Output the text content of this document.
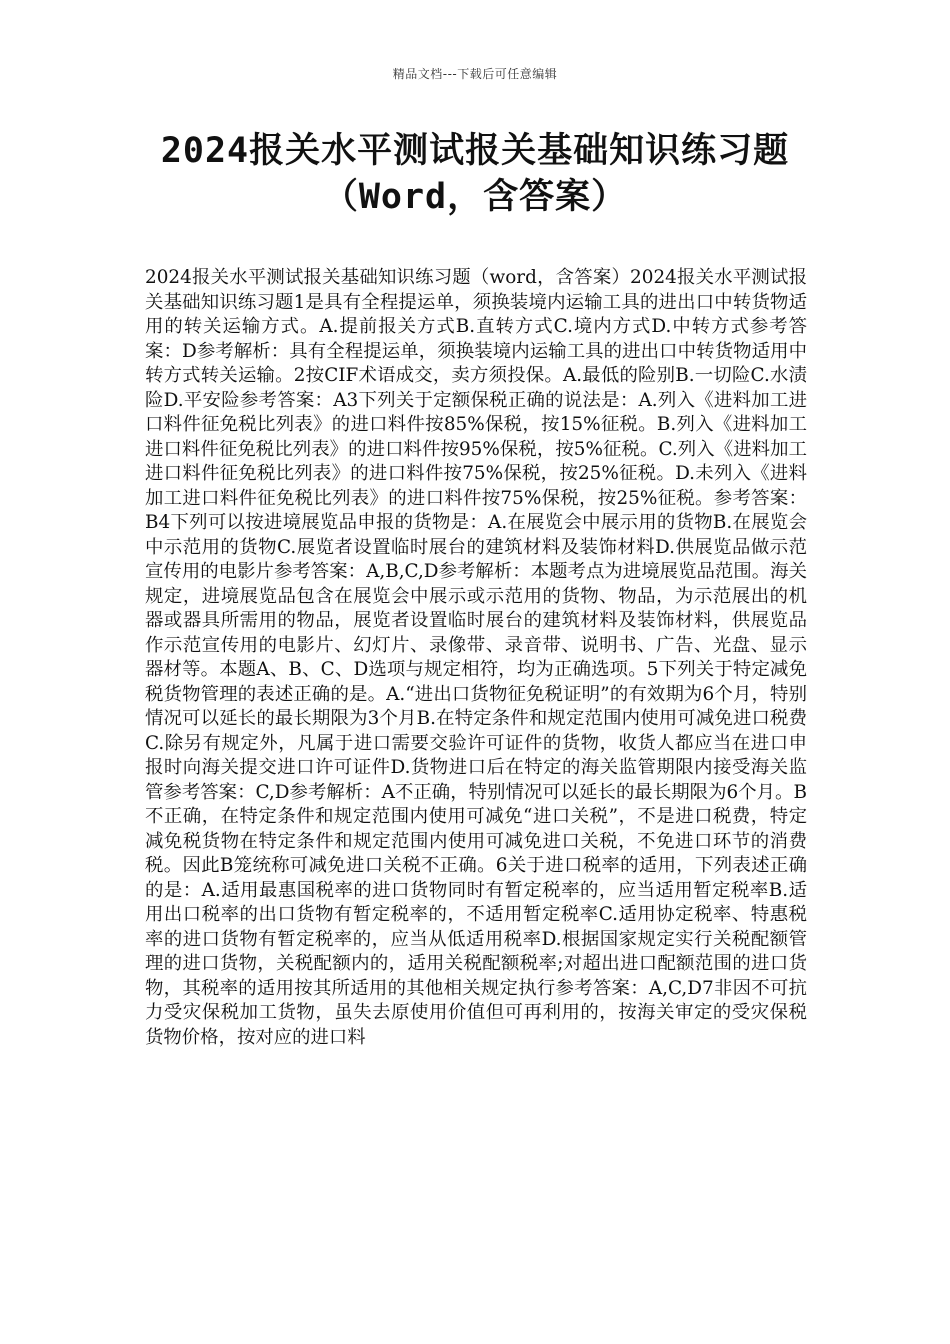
精品文档---下载后可任意编辑
2024报关水平测试报关基础知识练习题
（Word，含答案）
2024报关水平测试报关基础知识练习题（word，含答案）2024报关水平测试报关基础知识练习题1是具有全程提运单，须换装境内运输工具的进出口中转货物适用的转关运输方式。A.提前报关方式B.直转方式C.境内方式D.中转方式参考答案：D参考解析：具有全程提运单，须换装境内运输工具的进出口中转货物适用中转方式转关运输。2按CIF术语成交，卖方须投保。A.最低的险别B.一切险C.水渍险D.平安险参考答案：A3下列关于定额保税正确的说法是：A.列入《进料加工进口料件征免税比列表》的进口料件按85%保税，按15%征税。B.列入《进料加工进口料件征免税比列表》的进口料件按95%保税，按5%征税。C.列入《进料加工进口料件征免税比列表》的进口料件按75%保税，按25%征税。D.未列入《进料加工进口料件征免税比列表》的进口料件按75%保税，按25%征税。参考答案：B4下列可以按进境展览品申报的货物是：A.在展览会中展示用的货物B.在展览会中示范用的货物C.展览者设置临时展台的建筑材料及装饰材料D.供展览品做示范宣传用的电影片参考答案：A,B,C,D参考解析：本题考点为进境展览品范围。海关规定，进境展览品包含在展览会中展示或示范用的货物、物品，为示范展出的机器或器具所需用的物品，展览者设置临时展台的建筑材料及装饰材料，供展览品作示范宣传用的电影片、幻灯片、录像带、录音带、说明书、广告、光盘、显示器材等。本题A、B、C、D选项与规定相符，均为正确选项。5下列关于特定减免税货物管理的表述正确的是。A.“进出口货物征免税证明”的有效期为6个月，特别情况可以延长的最长期限为3个月B.在特定条件和规定范围内使用可减免进口税费C.除另有规定外，凡属于进口需要交验许可证件的货物，收货人都应当在进口申报时向海关提交进口许可证件D.货物进口后在特定的海关监管期限内接受海关监管参考答案：C,D参考解析：A不正确，特别情况可以延长的最长期限为6个月。B不正确，在特定条件和规定范围内使用可减免“进口关税”，不是进口税费，特定减免税货物在特定条件和规定范围内使用可减免进口关税，不免进口环节的消费税。因此B笼统称可减免进口关税不正确。6关于进口税率的适用，下列表述正确的是：A.适用最惠国税率的进口货物同时有暂定税率的，应当适用暂定税率B.适用出口税率的出口货物有暂定税率的，不适用暂定税率C.适用协定税率、特惠税率的进口货物有暂定税率的，应当从低适用税率D.根据国家规定实行关税配额管理的进口货物，关税配额内的，适用关税配额税率;对超出进口配额范围的进口货物，其税率的适用按其所适用的其他相关规定执行参考答案：A,C,D7非因不可抗力受灾保税加工货物，虽失去原使用价值但可再利用的，按海关审定的受灾保税货物价格，按对应的进口料
